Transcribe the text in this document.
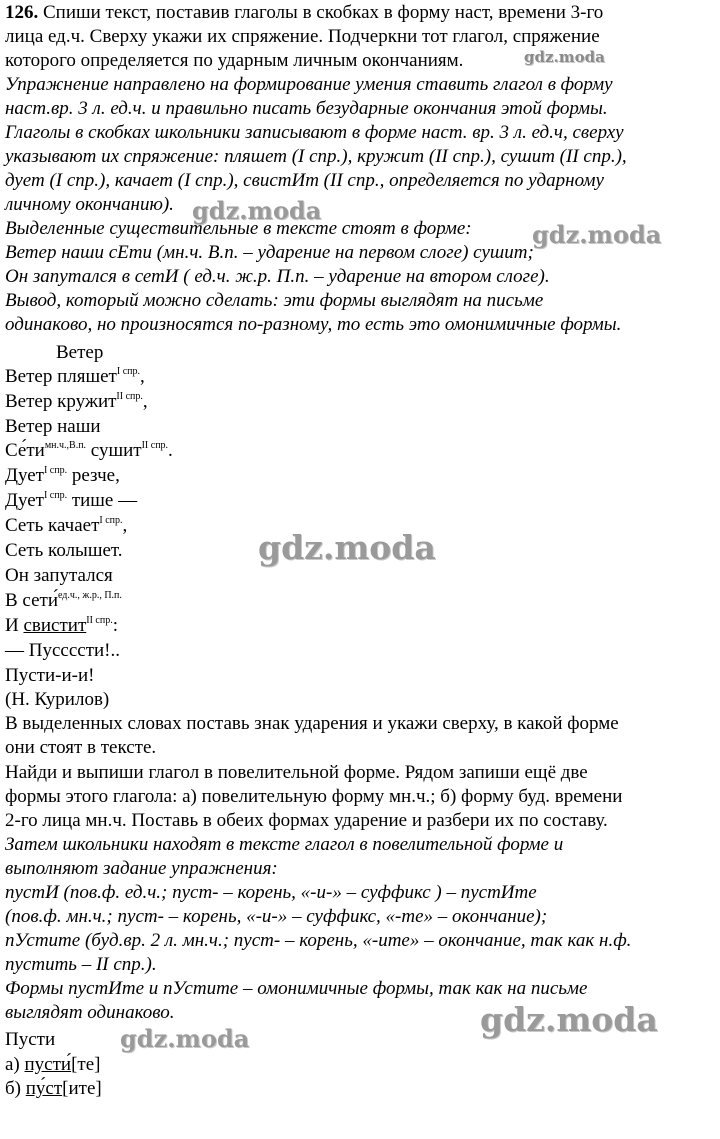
126. Спиши текст, поставив глаголы в скобках в форму наст, времени 3-го
лица ед.ч. Сверху укажи их спряжение. Подчеркни тот глагол, спряжение
которого определяется по ударным личным окончаниям.
Упражнение направлено на формирование умения ставить глагол в форму
наст.вр. 3 л. ед.ч. и правильно писать безударные окончания этой формы.
Глаголы в скобках школьники записывают в форме наст. вр. 3 л. ед.ч, сверху
указывают их спряжение: пляшет (I спр.), кружит (II спр.), сушит (II спр.),
дует (I спр.), качает (I спр.), свистИт (II спр., определяется по ударному
личному окончанию).
Выделенные существительные в тексте стоят в форме:
Ветер наши сЕти (мн.ч. В.п. – ударение на первом слоге) сушит;
Он запутался в сетИ ( ед.ч. ж.р. П.п. – ударение на втором слоге).
Вывод, который можно сделать: эти формы выглядят на письме
одинаково, но произносятся по-разному, то есть это омонимичные формы.
Ветер
Ветер пляшет$^{I спр.}$,
Ветер кружит$^{II спр.}$,
Ветер наши
$Се́ти^{мн.ч.,В.п.}$ сушит$^{II спр.}$.
Дует$^{I спр.}$ резче,
Дует$^{I спр.}$ тише —
Сеть качает$^{I спр.}$,
Сеть колышет.
Он запутался
В сети́$^{ед.ч., ж.р., П.п.}$
И свистит$^{II спр.}$:
— Пуссссти!..
Пусти-и-и!
(Н. Курилов)
В выделенных словах поставь знак ударения и укажи сверху, в какой форме
они стоят в тексте.
Найди и выпиши глагол в повелительной форме. Рядом запиши ещё две
формы этого глагола: а) повелительную форму мн.ч.; б) форму буд. времени
2-го лица мн.ч. Поставь в обеих формах ударение и разбери их по составу.
Затем школьники находят в тексте глагол в повелительной форме и
выполняют задание упражнения:
пустИ (пов.ф. ед.ч.; пуст- – корень, «-и-» – суффикс ) – пустИте
(пов.ф. мн.ч.; пуст- – корень, «-и-» – суффикс, «-те» – окончание);
пУстите (буд.вр. 2 л. мн.ч.; пуст- – корень, «-ите» – окончание, так как н.ф.
пустить – II спр.).
Формы пустИте и пУстите – омонимичные формы, так как на письме
выглядят одинаково.
Пусти
а) пусти́[те]
б) пу́ст[ите]
gdz.moda
gdz.moda
gdz.moda
gdz.moda
gdz.moda
gdz.moda
